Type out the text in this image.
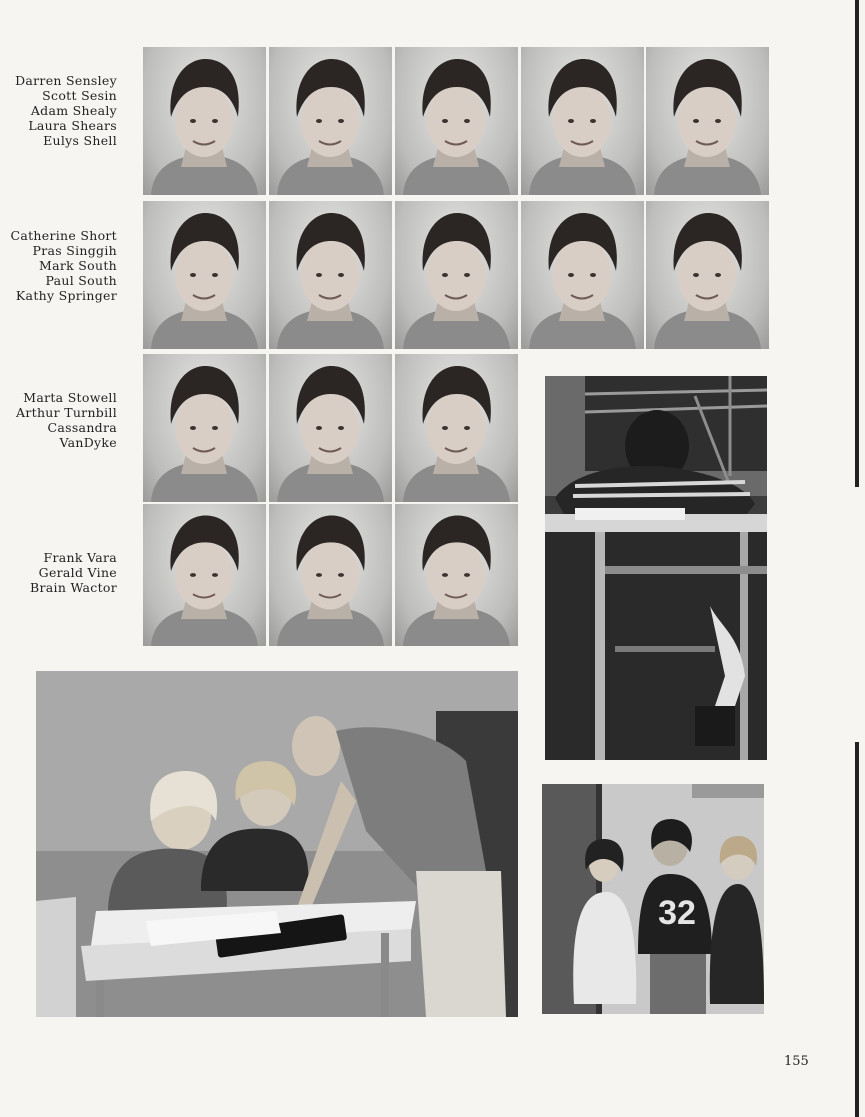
Darren Sensley
Scott Sesin
Adam Shealy
Laura Shears
Eulys Shell
Catherine Short
Pras Singgih
Mark South
Paul South
Kathy Springer
Marta Stowell
Arthur Turnbill
Cassandra
VanDyke
Frank Vara
Gerald Vine
Brain Wactor
32
155
